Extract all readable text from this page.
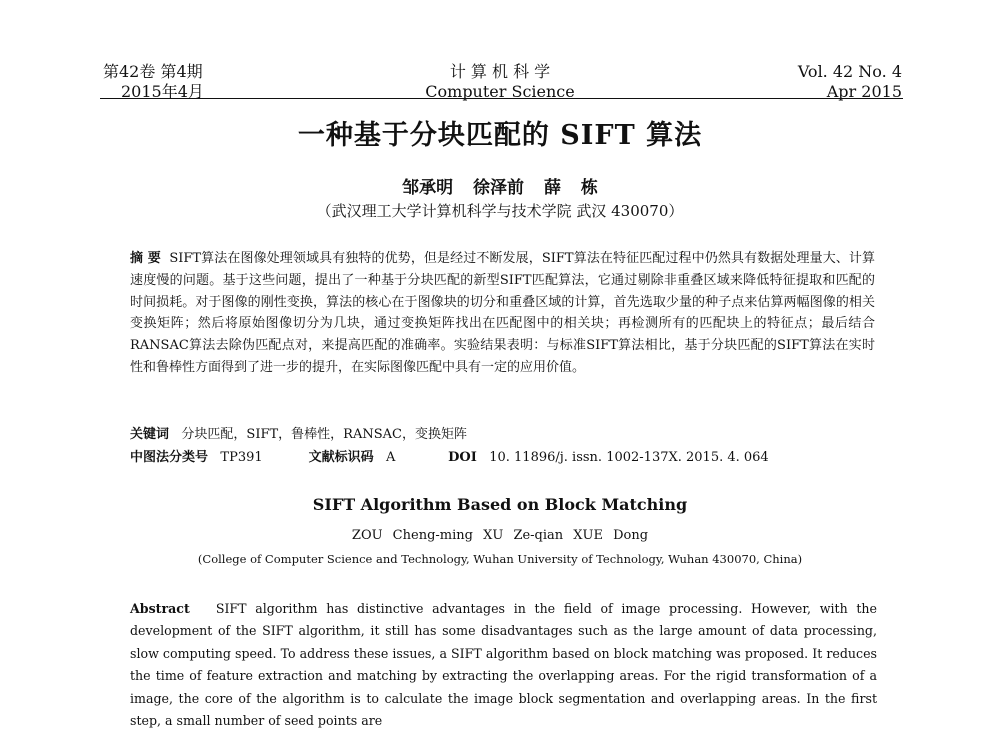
第42卷 第4期
2015年4月
计 算 机 科 学
Computer Science
Vol. 42 No. 4
Apr 2015
一种基于分块匹配的 SIFT 算法
邹承明 徐泽前 薛 栋
（武汉理工大学计算机科学与技术学院 武汉 430070）
摘 要 SIFT算法在图像处理领域具有独特的优势，但是经过不断发展，SIFT算法在特征匹配过程中仍然具有数据处理量大、计算速度慢的问题。基于这些问题，提出了一种基于分块匹配的新型SIFT匹配算法，它通过剔除非重叠区域来降低特征提取和匹配的时间损耗。对于图像的刚性变换，算法的核心在于图像块的切分和重叠区域的计算，首先选取少量的种子点来估算两幅图像的相关变换矩阵；然后将原始图像切分为几块，通过变换矩阵找出在匹配图中的相关块；再检测所有的匹配块上的特征点；最后结合RANSAC算法去除伪匹配点对，来提高匹配的准确率。实验结果表明：与标准SIFT算法相比，基于分块匹配的SIFT算法在实时性和鲁棒性方面得到了进一步的提升，在实际图像匹配中具有一定的应用价值。
关键词 分块匹配，SIFT，鲁棒性，RANSAC，变换矩阵
中图法分类号 TP391	文献标识码 A	DOI 10. 11896/j. issn. 1002-137X. 2015. 4. 064
SIFT Algorithm Based on Block Matching
ZOU Cheng-ming XU Ze-qian XUE Dong
(College of Computer Science and Technology, Wuhan University of Technology, Wuhan 430070, China)
Abstract SIFT algorithm has distinctive advantages in the field of image processing. However, with the development of the SIFT algorithm, it still has some disadvantages such as the large amount of data processing, slow computing speed. To address these issues, a SIFT algorithm based on block matching was proposed. It reduces the time of feature extraction and matching by extracting the overlapping areas. For the rigid transformation of a image, the core of the algorithm is to calculate the image block segmentation and overlapping areas. In the first step, a small number of seed points are
